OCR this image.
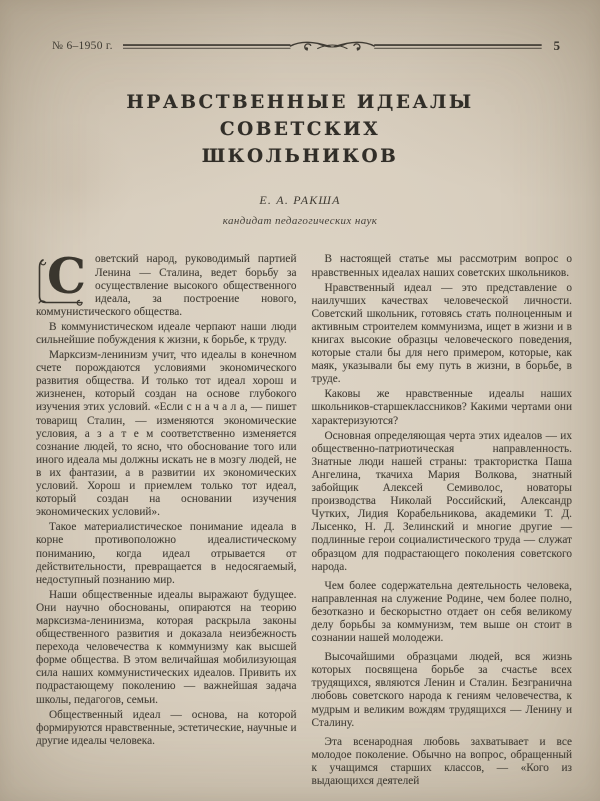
№ 6–1950 г.	5
НРАВСТВЕННЫЕ ИДЕАЛЫ СОВЕТСКИХ
ШКОЛЬНИКОВ
Е. А. РАКША
кандидат педагогических наук

С оветский народ, руководимый партией Ленина — Сталина, ведет борьбу за осуществление высокого общественного идеала, за построение нового, коммунистического общества.

В коммунистическом идеале черпают наши люди сильнейшие побуждения к жизни, к борьбе, к труду.

Марксизм-ленинизм учит, что идеалы в конечном счете порождаются условиями экономического развития общества. И только тот идеал хорош и жизненен, который создан на основе глубокого изучения этих условий. «Если с н а ч а л а, — пишет товарищ Сталин, — изменяются экономические условия, а з а т е м соответственно изменяется сознание людей, то ясно, что обоснование того или иного идеала мы должны искать не в мозгу людей, не в их фантазии, а в развитии их экономических условий. Хорош и приемлем только тот идеал, который создан на основании изучения экономических условий».

Такое материалистическое понимание идеала в корне противоположно идеалистическому пониманию, когда идеал отрывается от действительности, превращается в недосягаемый, недоступный познанию мир.

Наши общественные идеалы выражают будущее. Они научно обоснованы, опираются на теорию марксизма-ленинизма, которая раскрыла законы общественного развития и доказала неизбежность перехода человечества к коммунизму как высшей форме общества. В этом величайшая мобилизующая сила наших коммунистических идеалов. Привить их подрастающему поколению — важнейшая задача школы, педагогов, семьи.

Общественный идеал — основа, на которой формируются нравственные, эстетические, научные и другие идеалы человека.

В настоящей статье мы рассмотрим вопрос о нравственных идеалах наших советских школьников.

Нравственный идеал — это представление о наилучших качествах человеческой личности. Советский школьник, готовясь стать полноценным и активным строителем коммунизма, ищет в жизни и в книгах высокие образцы человеческого поведения, которые стали бы для него примером, которые, как маяк, указывали бы ему путь в жизни, в борьбе, в труде.

Каковы же нравственные идеалы наших школьников-старшеклассников? Какими чертами они характеризуются?

Основная определяющая черта этих идеалов — их общественно-патриотическая направленность. Знатные люди нашей страны: трактористка Паша Ангелина, ткачиха Мария Волкова, знатный забойщик Алексей Семиволос, новаторы производства Николай Российский, Александр Чутких, Лидия Корабельникова, академики Т. Д. Лысенко, Н. Д. Зелинский и многие другие — подлинные герои социалистического труда — служат образцом для подрастающего поколения советского народа.

Чем более содержательна деятельность человека, направленная на служение Родине, чем более полно, безотказно и бескорыстно отдает он себя великому делу борьбы за коммунизм, тем выше он стоит в сознании нашей молодежи.

Высочайшими образцами людей, вся жизнь которых посвящена борьбе за счастье всех трудящихся, являются Ленин и Сталин. Безгранична любовь советского народа к гениям человечества, к мудрым и великим вождям трудящихся — Ленину и Сталину.

Эта всенародная любовь захватывает и все молодое поколение. Обычно на вопрос, обращенный к учащимся старших классов, — «Кого из выдающихся деятелей
